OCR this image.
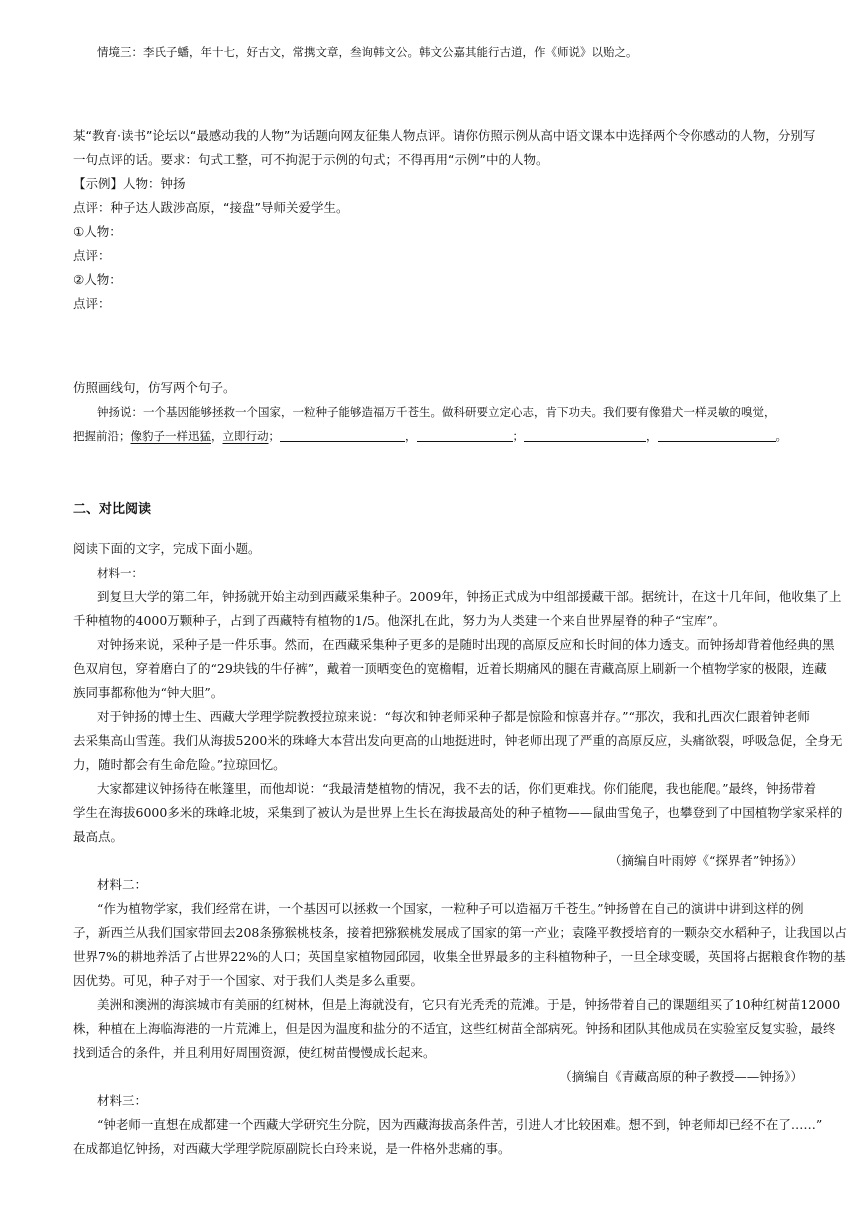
情境三：李氏子蟠，年十七，好古文，常携文章，叁询韩文公。韩文公嘉其能行古道，作《师说》以贻之。
某“教育·读书”论坛以“最感动我的人物”为话题向网友征集人物点评。请你仿照示例从高中语文课本中选择两个令你感动的人物，分别写
一句点评的话。要求：句式工整，可不拘泥于示例的句式；不得再用“示例”中的人物。
【示例】人物：钟扬
点评：种子达人跋涉高原，“接盘”导师关爱学生。
①人物：
点评：
②人物：
点评：
仿照画线句，仿写两个句子。
钟扬说：一个基因能够拯救一个国家，一粒种子能够造福万千苍生。做科研要立定心志，肯下功夫。我们要有像猎犬一样灵敏的嗅觉，
把握前沿；像豹子一样迅猛，立即行动；	，	；	，	。
二、对比阅读
阅读下面的文字，完成下面小题。
材料一：
到复旦大学的第二年，钟扬就开始主动到西藏采集种子。2009年，钟扬正式成为中组部援藏干部。据统计，在这十几年间，他收集了上
千种植物的4000万颗种子，占到了西藏特有植物的1/5。他深扎在此，努力为人类建一个来自世界屋脊的种子“宝库”。
对钟扬来说，采种子是一件乐事。然而，在西藏采集种子更多的是随时出现的高原反应和长时间的体力透支。而钟扬却背着他经典的黑
色双肩包，穿着磨白了的“29块钱的牛仔裤”，戴着一顶晒变色的宽檐帽，近着长期痛风的腿在青藏高原上刷新一个植物学家的极限，连藏
族同事都称他为“钟大胆”。
对于钟扬的博士生、西藏大学理学院教授拉琼来说：“每次和钟老师采种子都是惊险和惊喜并存。”“那次，我和扎西次仁跟着钟老师
去采集高山雪莲。我们从海拔5200米的珠峰大本营出发向更高的山地挺进时，钟老师出现了严重的高原反应，头痛欲裂，呼吸急促，全身无
力，随时都会有生命危险。”拉琼回忆。
大家都建议钟扬待在帐篷里，而他却说：“我最清楚植物的情况，我不去的话，你们更难找。你们能爬，我也能爬。”最终，钟扬带着
学生在海拔6000多米的珠峰北坡，采集到了被认为是世界上生长在海拔最高处的种子植物——鼠曲雪兔子，也攀登到了中国植物学家采样的
最高点。
（摘编自叶雨婷《“探界者”钟扬》）
材料二：
“作为植物学家，我们经常在讲，一个基因可以拯救一个国家，一粒种子可以造福万千苍生。”钟扬曾在自己的演讲中讲到这样的例
子，新西兰从我们国家带回去208条猕猴桃枝条，接着把猕猴桃发展成了国家的第一产业；袁隆平教授培育的一颗杂交水稻种子，让我国以占
世界7%的耕地养活了占世界22%的人口；英国皇家植物园邱园，收集全世界最多的主科植物种子，一旦全球变暖，英国将占据粮食作物的基
因优势。可见，种子对于一个国家、对于我们人类是多么重要。
美洲和澳洲的海滨城市有美丽的红树林，但是上海就没有，它只有光秃秃的荒滩。于是，钟扬带着自己的课题组买了10种红树苗12000
株，种植在上海临海港的一片荒滩上，但是因为温度和盐分的不适宜，这些红树苗全部病死。钟扬和团队其他成员在实验室反复实验，最终
找到适合的条件，并且利用好周围资源，使红树苗慢慢成长起来。
（摘编自《青藏高原的种子教授——钟扬》）
材料三：
“钟老师一直想在成都建一个西藏大学研究生分院，因为西藏海拔高条件苦，引进人才比较困难。想不到，钟老师却已经不在了……”
在成都追忆钟扬，对西藏大学理学院原副院长白玲来说，是一件格外悲痛的事。
